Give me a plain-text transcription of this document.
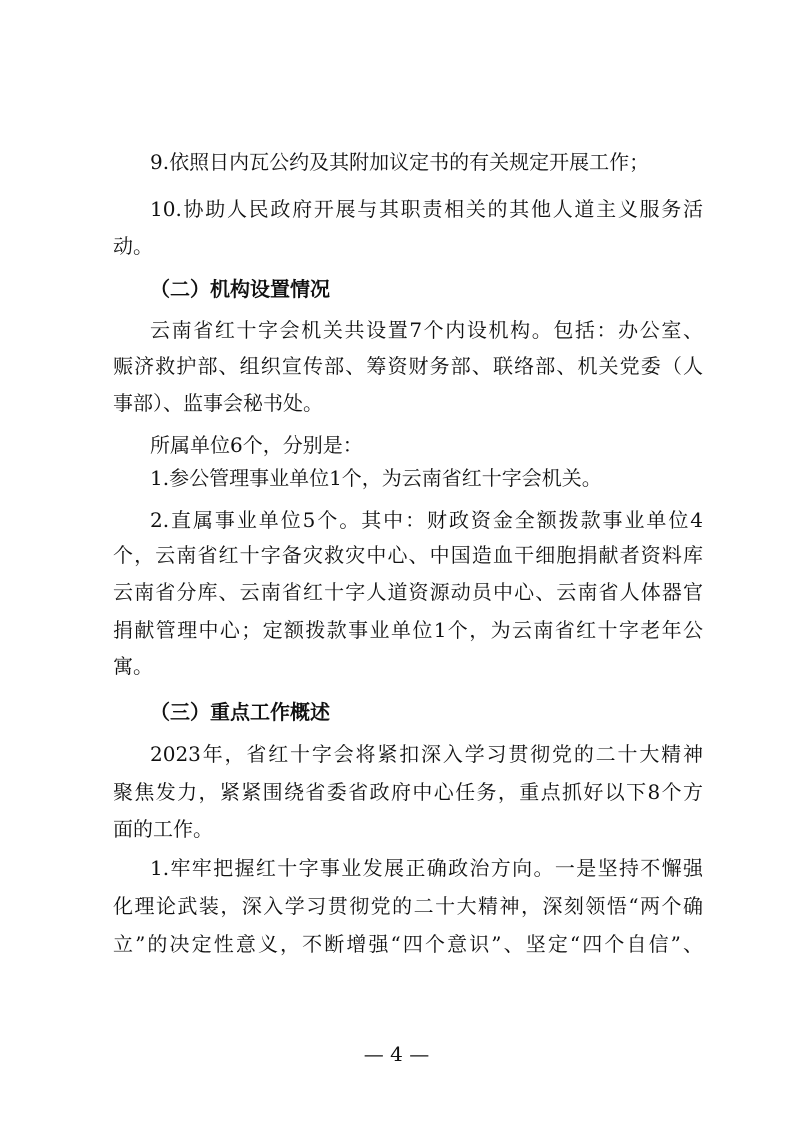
9.依照日内瓦公约及其附加议定书的有关规定开展工作；
10.协助人民政府开展与其职责相关的其他人道主义服务活
动。
（二）机构设置情况
云南省红十字会机关共设置7个内设机构。包括：办公室、
赈济救护部、组织宣传部、筹资财务部、联络部、机关党委（人
事部）、监事会秘书处。
所属单位6个，分别是：
1.参公管理事业单位1个，为云南省红十字会机关。
2.直属事业单位5个。其中：财政资金全额拨款事业单位4
个，云南省红十字备灾救灾中心、中国造血干细胞捐献者资料库
云南省分库、云南省红十字人道资源动员中心、云南省人体器官
捐献管理中心；定额拨款事业单位1个，为云南省红十字老年公
寓。
（三）重点工作概述
2023年，省红十字会将紧扣深入学习贯彻党的二十大精神
聚焦发力，紧紧围绕省委省政府中心任务，重点抓好以下8个方
面的工作。
1.牢牢把握红十字事业发展正确政治方向。一是坚持不懈强
化理论武装，深入学习贯彻党的二十大精神，深刻领悟“两个确
立”的决定性意义，不断增强“四个意识”、坚定“四个自信”、
— 4 —
